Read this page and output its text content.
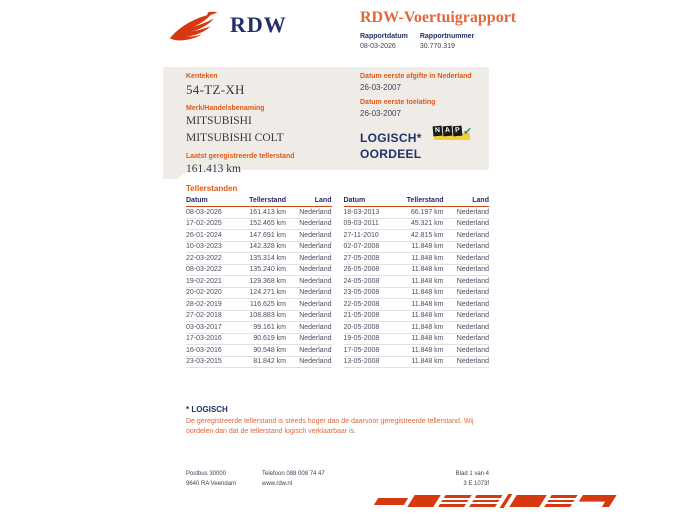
RDW	RDW-Voertuigrapport
Rapportdatum
08-03-2026
Rapportnummer
30.770.319
Kenteken
54-TZ-XH
Merk/Handelsbenaming
MITSUBISHI
MITSUBISHI COLT
Laatst geregistreerde tellerstand
161.413 km
Datum eerste afgifte in Nederland
26-03-2007
Datum eerste toelating
26-03-2007
LOGISCH*
OORDEEL
N A P ✔
Tellerstanden
Datum	Tellerstand	Land
08-03-2026	161.413 km	Nederland
17-02-2025	152.465 km	Nederland
26-01-2024	147.691 km	Nederland
10-03-2023	142.328 km	Nederland
22-03-2022	135.314 km	Nederland
08-03-2022	135.240 km	Nederland
19-02-2021	129.368 km	Nederland
20-02-2020	124.271 km	Nederland
28-02-2019	116.625 km	Nederland
27-02-2018	108.883 km	Nederland
03-03-2017	99.161 km	Nederland
17-03-2016	90.619 km	Nederland
16-03-2016	90.548 km	Nederland
23-03-2015	81.842 km	Nederland
Datum	Tellerstand	Land
18-03-2013	66.197 km	Nederland
09-03-2011	45.321 km	Nederland
27-11-2010	42.815 km	Nederland
02-07-2008	11.848 km	Nederland
27-05-2008	11.848 km	Nederland
26-05-2008	11.848 km	Nederland
24-05-2008	11.848 km	Nederland
23-05-2008	11.848 km	Nederland
22-05-2008	11.848 km	Nederland
21-05-2008	11.848 km	Nederland
20-05-2008	11.848 km	Nederland
19-05-2008	11.848 km	Nederland
17-05-2008	11.848 km	Nederland
13-05-2008	11.848 km	Nederland
* LOGISCH
De geregistreerde tellerstand is steeds hoger dan de daarvoor geregistreerde tellerstand. Wij oordelen dan dat de tellerstand logisch verklaarbaar is.
Postbus 30000
9640 RA Veendam
Telefoon 088 008 74 47
www.rdw.nl
Blad 1 van 4
3 E 1073f
